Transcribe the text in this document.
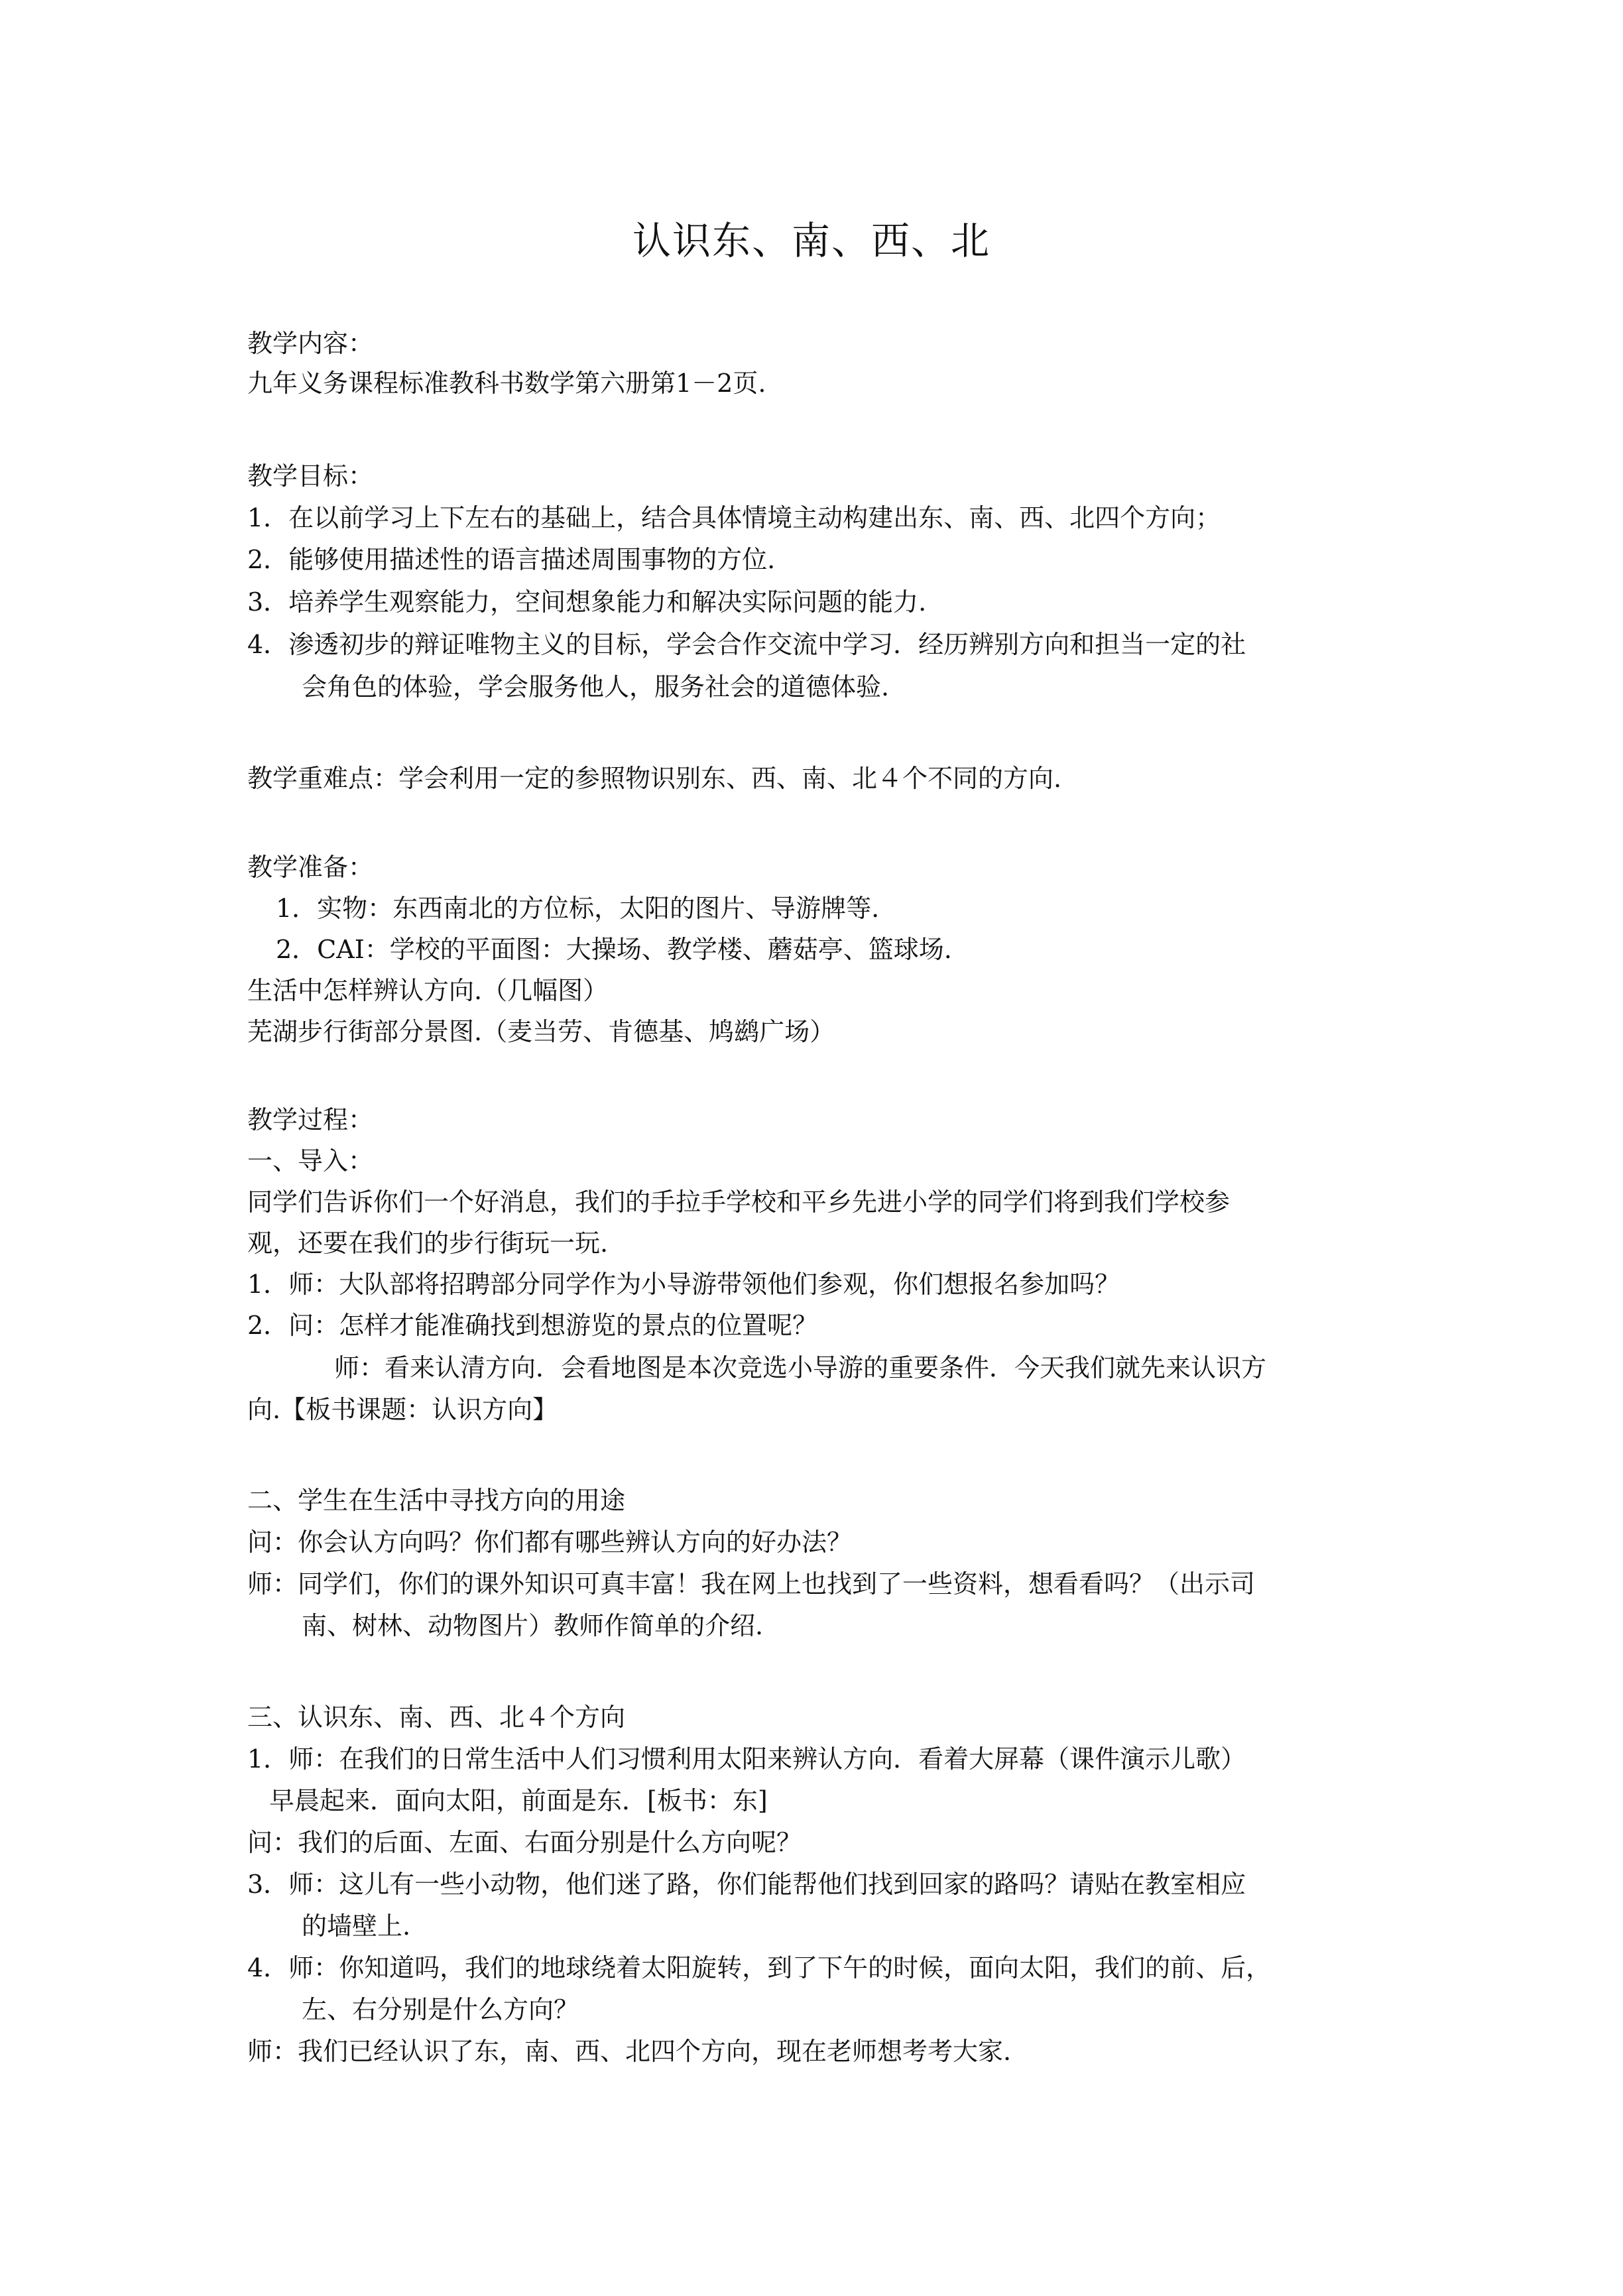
认识东、南、西、北

教学内容：

九年义务课程标准教科书数学第六册第1－2页.

教学目标：

1．在以前学习上下左右的基础上，结合具体情境主动构建出东、南、西、北四个方向；

2．能够使用描述性的语言描述周围事物的方位.

3．培养学生观察能力，空间想象能力和解决实际问题的能力.

4．渗透初步的辩证唯物主义的目标，学会合作交流中学习．经历辨别方向和担当一定的社

会角色的体验，学会服务他人，服务社会的道德体验.

教学重难点：学会利用一定的参照物识别东、西、南、北４个不同的方向.

教学准备：

1．实物：东西南北的方位标，太阳的图片、导游牌等.

2．CAI：学校的平面图：大操场、教学楼、蘑菇亭、篮球场.

生活中怎样辨认方向.（几幅图）

芜湖步行街部分景图.（麦当劳、肯德基、鸠鹚广场）

教学过程：

一、导入：

同学们告诉你们一个好消息，我们的手拉手学校和平乡先进小学的同学们将到我们学校参

观，还要在我们的步行街玩一玩.

1．师：大队部将招聘部分同学作为小导游带领他们参观，你们想报名参加吗？

2．问：怎样才能准确找到想游览的景点的位置呢？

师：看来认清方向．会看地图是本次竞选小导游的重要条件．今天我们就先来认识方

向.【板书课题：认识方向】

二、学生在生活中寻找方向的用途

问：你会认方向吗？你们都有哪些辨认方向的好办法？

师：同学们，你们的课外知识可真丰富！我在网上也找到了一些资料，想看看吗？（出示司

南、树林、动物图片）教师作简单的介绍.

三、认识东、南、西、北４个方向

1．师：在我们的日常生活中人们习惯利用太阳来辨认方向．看着大屏幕（课件演示儿歌）

早晨起来．面向太阳，前面是东．[板书：东]

问：我们的后面、左面、右面分别是什么方向呢？

3．师：这儿有一些小动物，他们迷了路，你们能帮他们找到回家的路吗？请贴在教室相应

的墙壁上.

4．师：你知道吗，我们的地球绕着太阳旋转，到了下午的时候，面向太阳，我们的前、后，

左、右分别是什么方向？

师：我们已经认识了东，南、西、北四个方向，现在老师想考考大家.
